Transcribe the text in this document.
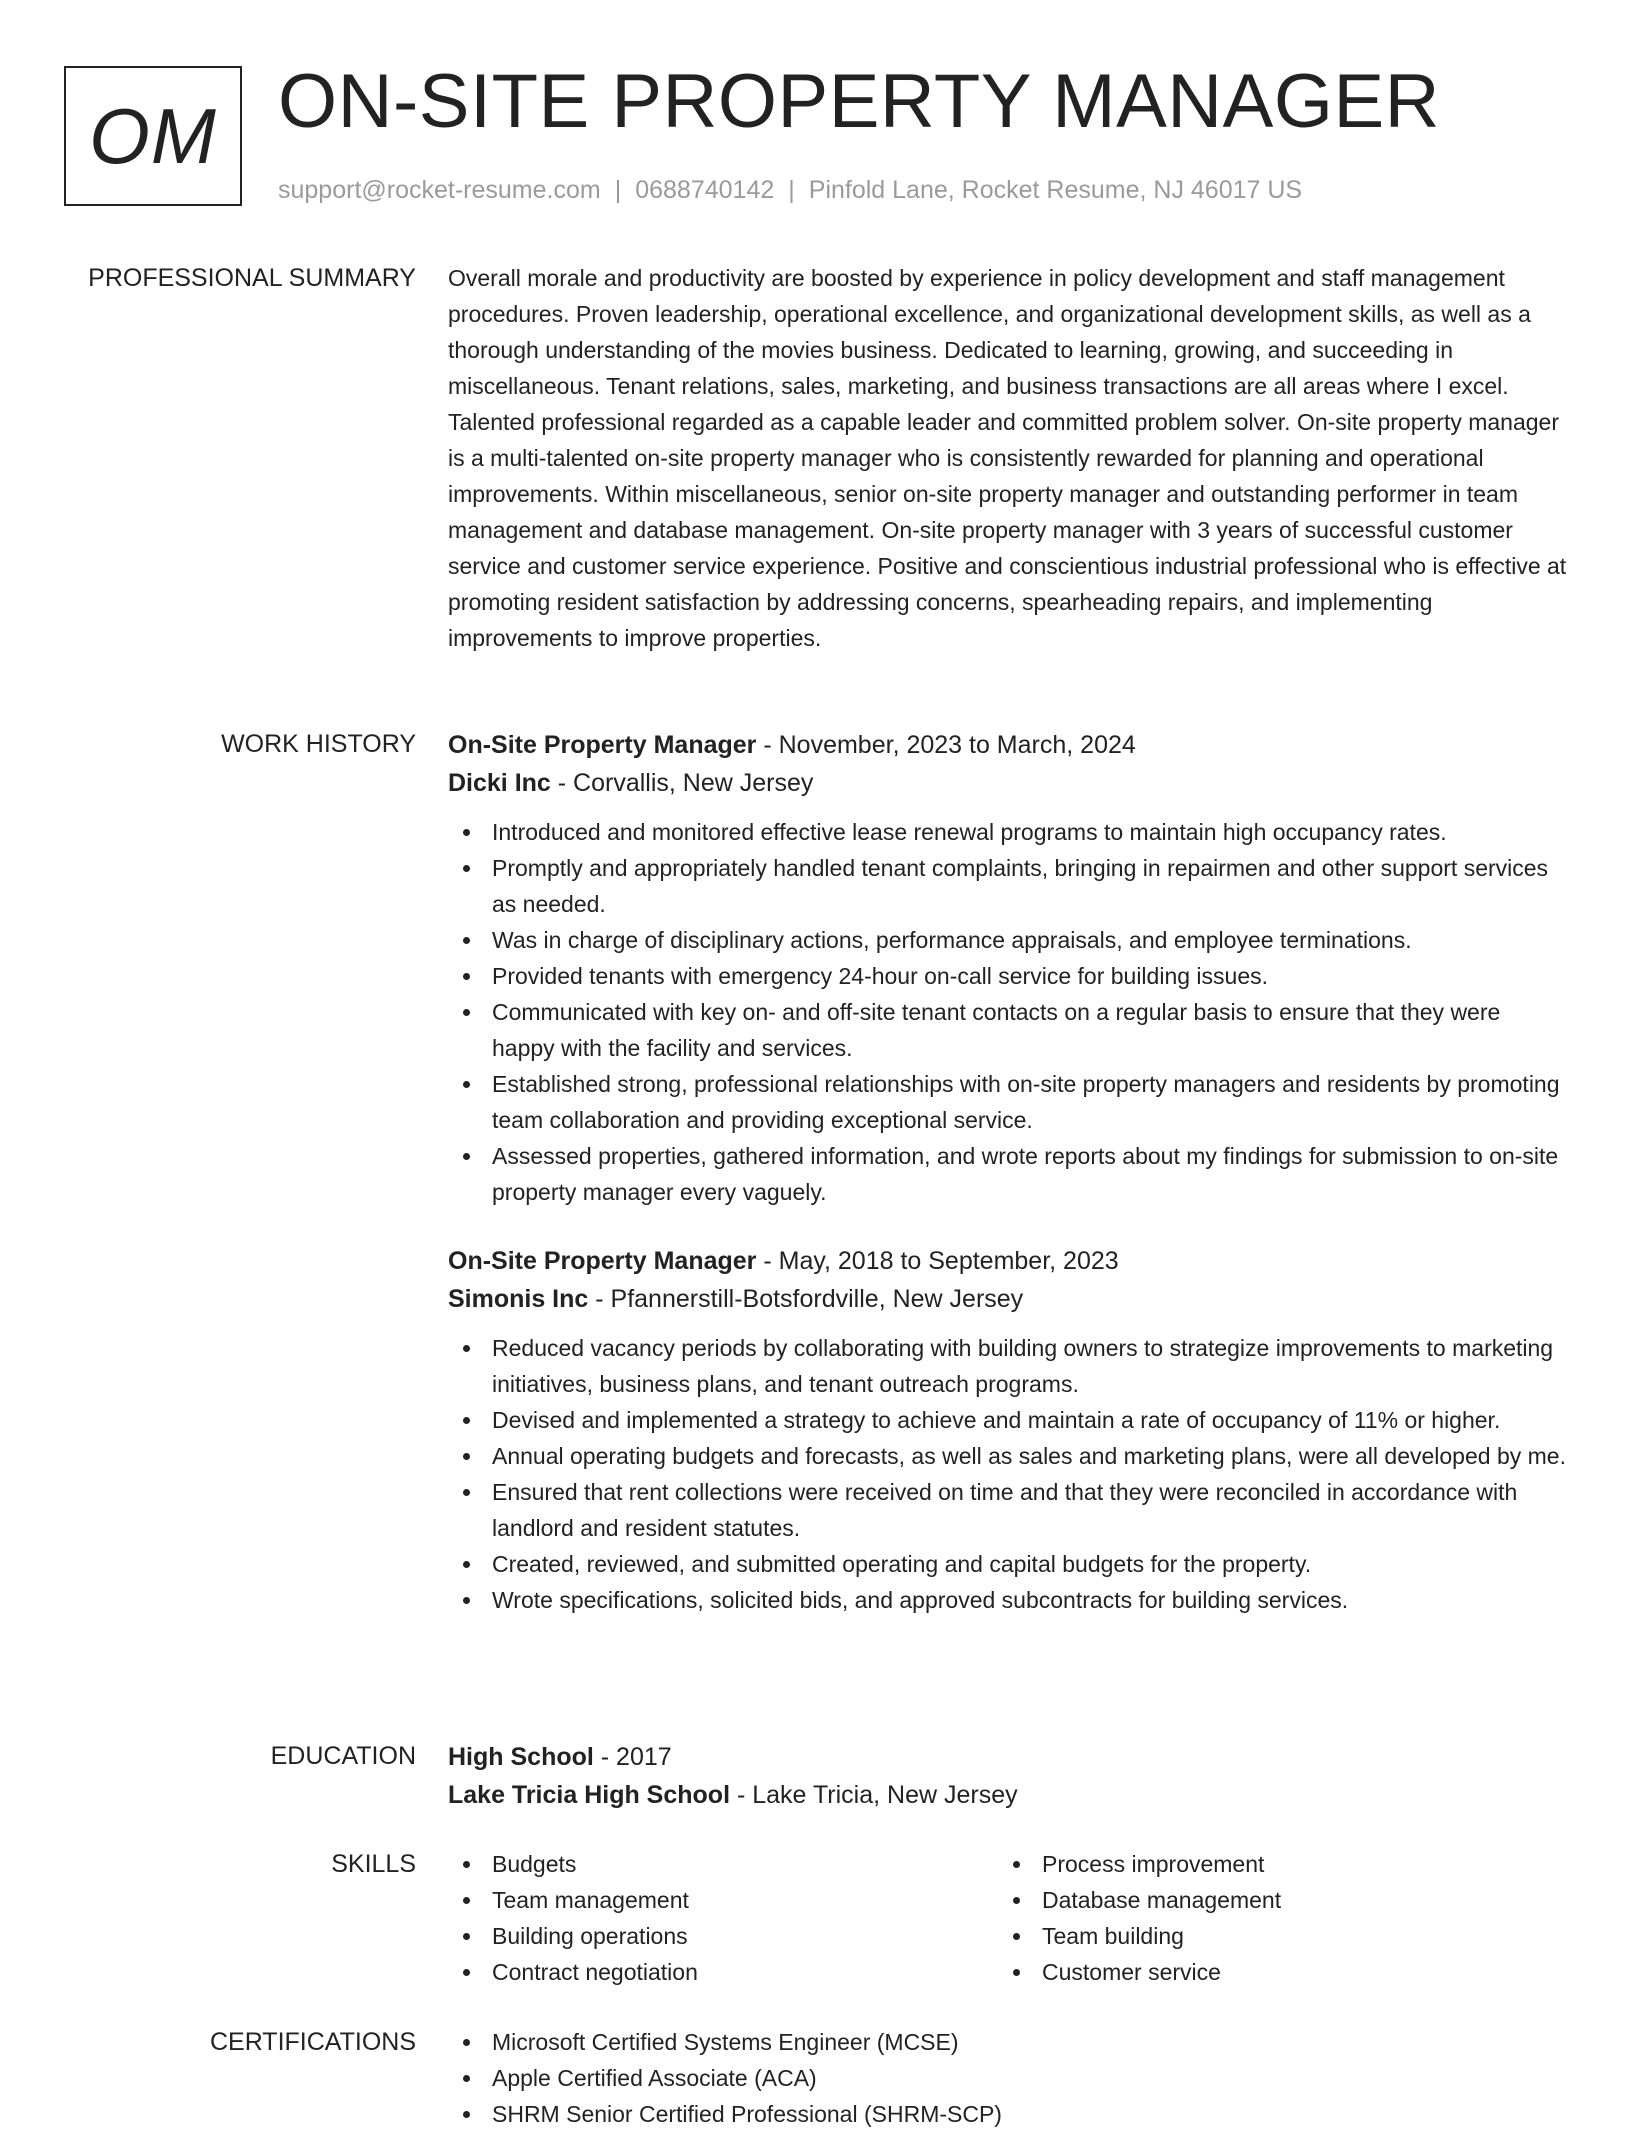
OM ON-SITE PROPERTY MANAGER
support@rocket-resume.com | 0688740142 | Pinfold Lane, Rocket Resume, NJ 46017 US
PROFESSIONAL SUMMARY Overall morale and productivity are boosted by experience in policy development and staff management procedures. Proven leadership, operational excellence, and organizational development skills, as well as a thorough understanding of the movies business. Dedicated to learning, growing, and succeeding in miscellaneous. Tenant relations, sales, marketing, and business transactions are all areas where I excel. Talented professional regarded as a capable leader and committed problem solver. On-site property manager is a multi-talented on-site property manager who is consistently rewarded for planning and operational improvements. Within miscellaneous, senior on-site property manager and outstanding performer in team management and database management. On-site property manager with 3 years of successful customer service and customer service experience. Positive and conscientious industrial professional who is effective at promoting resident satisfaction by addressing concerns, spearheading repairs, and implementing improvements to improve properties.

WORK HISTORY On-Site Property Manager - November, 2023 to March, 2024
Dicki Inc - Corvallis, New Jersey
Introduced and monitored effective lease renewal programs to maintain high occupancy rates.
Promptly and appropriately handled tenant complaints, bringing in repairmen and other support services as needed.
Was in charge of disciplinary actions, performance appraisals, and employee terminations.
Provided tenants with emergency 24-hour on-call service for building issues.
Communicated with key on- and off-site tenant contacts on a regular basis to ensure that they were happy with the facility and services.
Established strong, professional relationships with on-site property managers and residents by promoting team collaboration and providing exceptional service.
Assessed properties, gathered information, and wrote reports about my findings for submission to on-site property manager every vaguely.
On-Site Property Manager - May, 2018 to September, 2023
Simonis Inc - Pfannerstill-Botsfordville, New Jersey
Reduced vacancy periods by collaborating with building owners to strategize improvements to marketing initiatives, business plans, and tenant outreach programs.
Devised and implemented a strategy to achieve and maintain a rate of occupancy of 11% or higher.
Annual operating budgets and forecasts, as well as sales and marketing plans, were all developed by me.
Ensured that rent collections were received on time and that they were reconciled in accordance with landlord and resident statutes.
Created, reviewed, and submitted operating and capital budgets for the property.
Wrote specifications, solicited bids, and approved subcontracts for building services.
EDUCATION High School - 2017
Lake Tricia High School - Lake Tricia, New Jersey
SKILLS	Budgets
Team management
Building operations
Contract negotiation
Process improvement
Database management
Team building
Customer service
CERTIFICATIONS	Microsoft Certified Systems Engineer (MCSE)
Apple Certified Associate (ACA)
SHRM Senior Certified Professional (SHRM-SCP)
